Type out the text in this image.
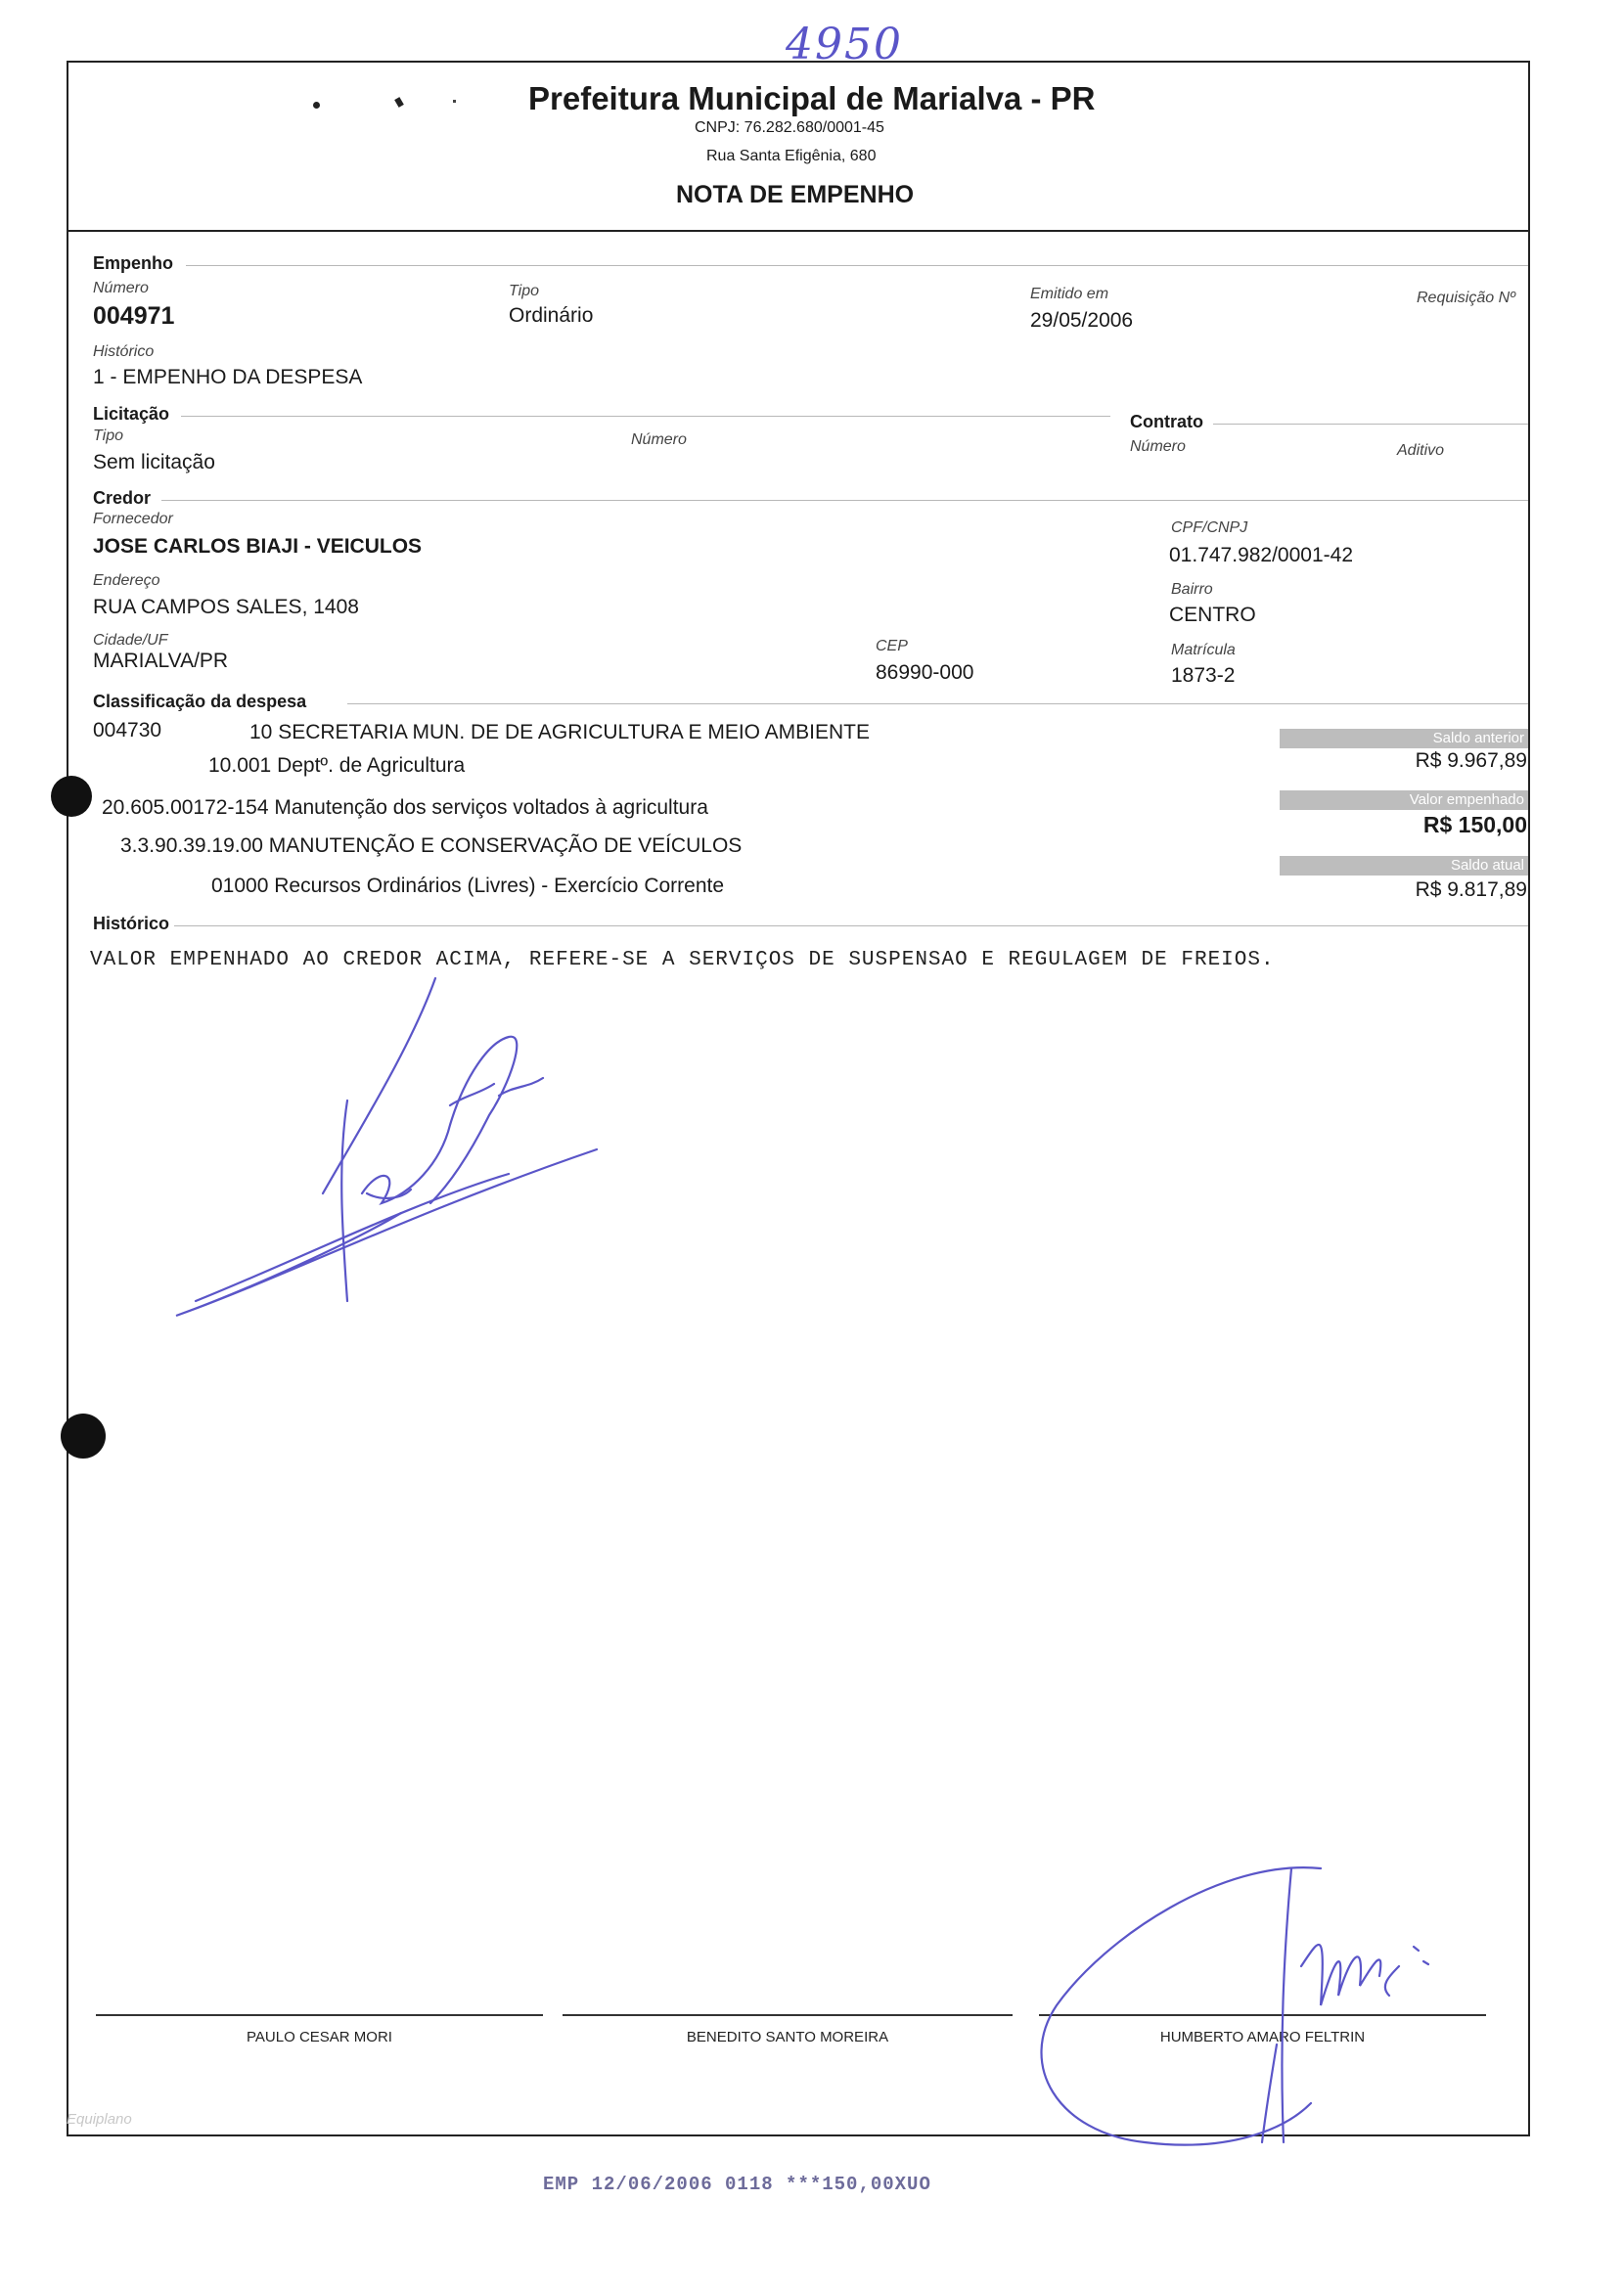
4950
Prefeitura Municipal de Marialva - PR
CNPJ: 76.282.680/0001-45
Rua Santa Efigênia, 680
NOTA DE EMPENHO
Empenho
Número
004971
Tipo
Ordinário
Emitido em
29/05/2006
Requisição Nº
Histórico
1 - EMPENHO DA DESPESA
Licitação
Tipo
Sem licitação
Número
Contrato
Número	Aditivo
Credor
Fornecedor
JOSE CARLOS BIAJI - VEICULOS
CPF/CNPJ
01.747.982/0001-42
Endereço
RUA CAMPOS SALES, 1408
Bairro
CENTRO
Cidade/UF
MARIALVA/PR
CEP
86990-000
Matrícula
1873-2
Classificação da despesa
004730	10 SECRETARIA MUN. DE DE AGRICULTURA E MEIO AMBIENTE
10.001 Deptº. de Agricultura
20.605.00172-154 Manutenção dos serviços voltados à agricultura
3.3.90.39.19.00 MANUTENÇÃO E CONSERVAÇÃO DE VEÍCULOS
01000 Recursos Ordinários (Livres) - Exercício Corrente
Saldo anterior
R$ 9.967,89
Valor empenhado
R$ 150,00
Saldo atual
R$ 9.817,89
Histórico
VALOR EMPENHADO AO CREDOR ACIMA, REFERE-SE A SERVIÇOS DE SUSPENSAO E REGULAGEM DE FREIOS.
PAULO CESAR MORI	BENEDITO SANTO MOREIRA	HUMBERTO AMARO FELTRIN
Equiplano
EMP 12/06/2006 0118 ***150,00XUO
